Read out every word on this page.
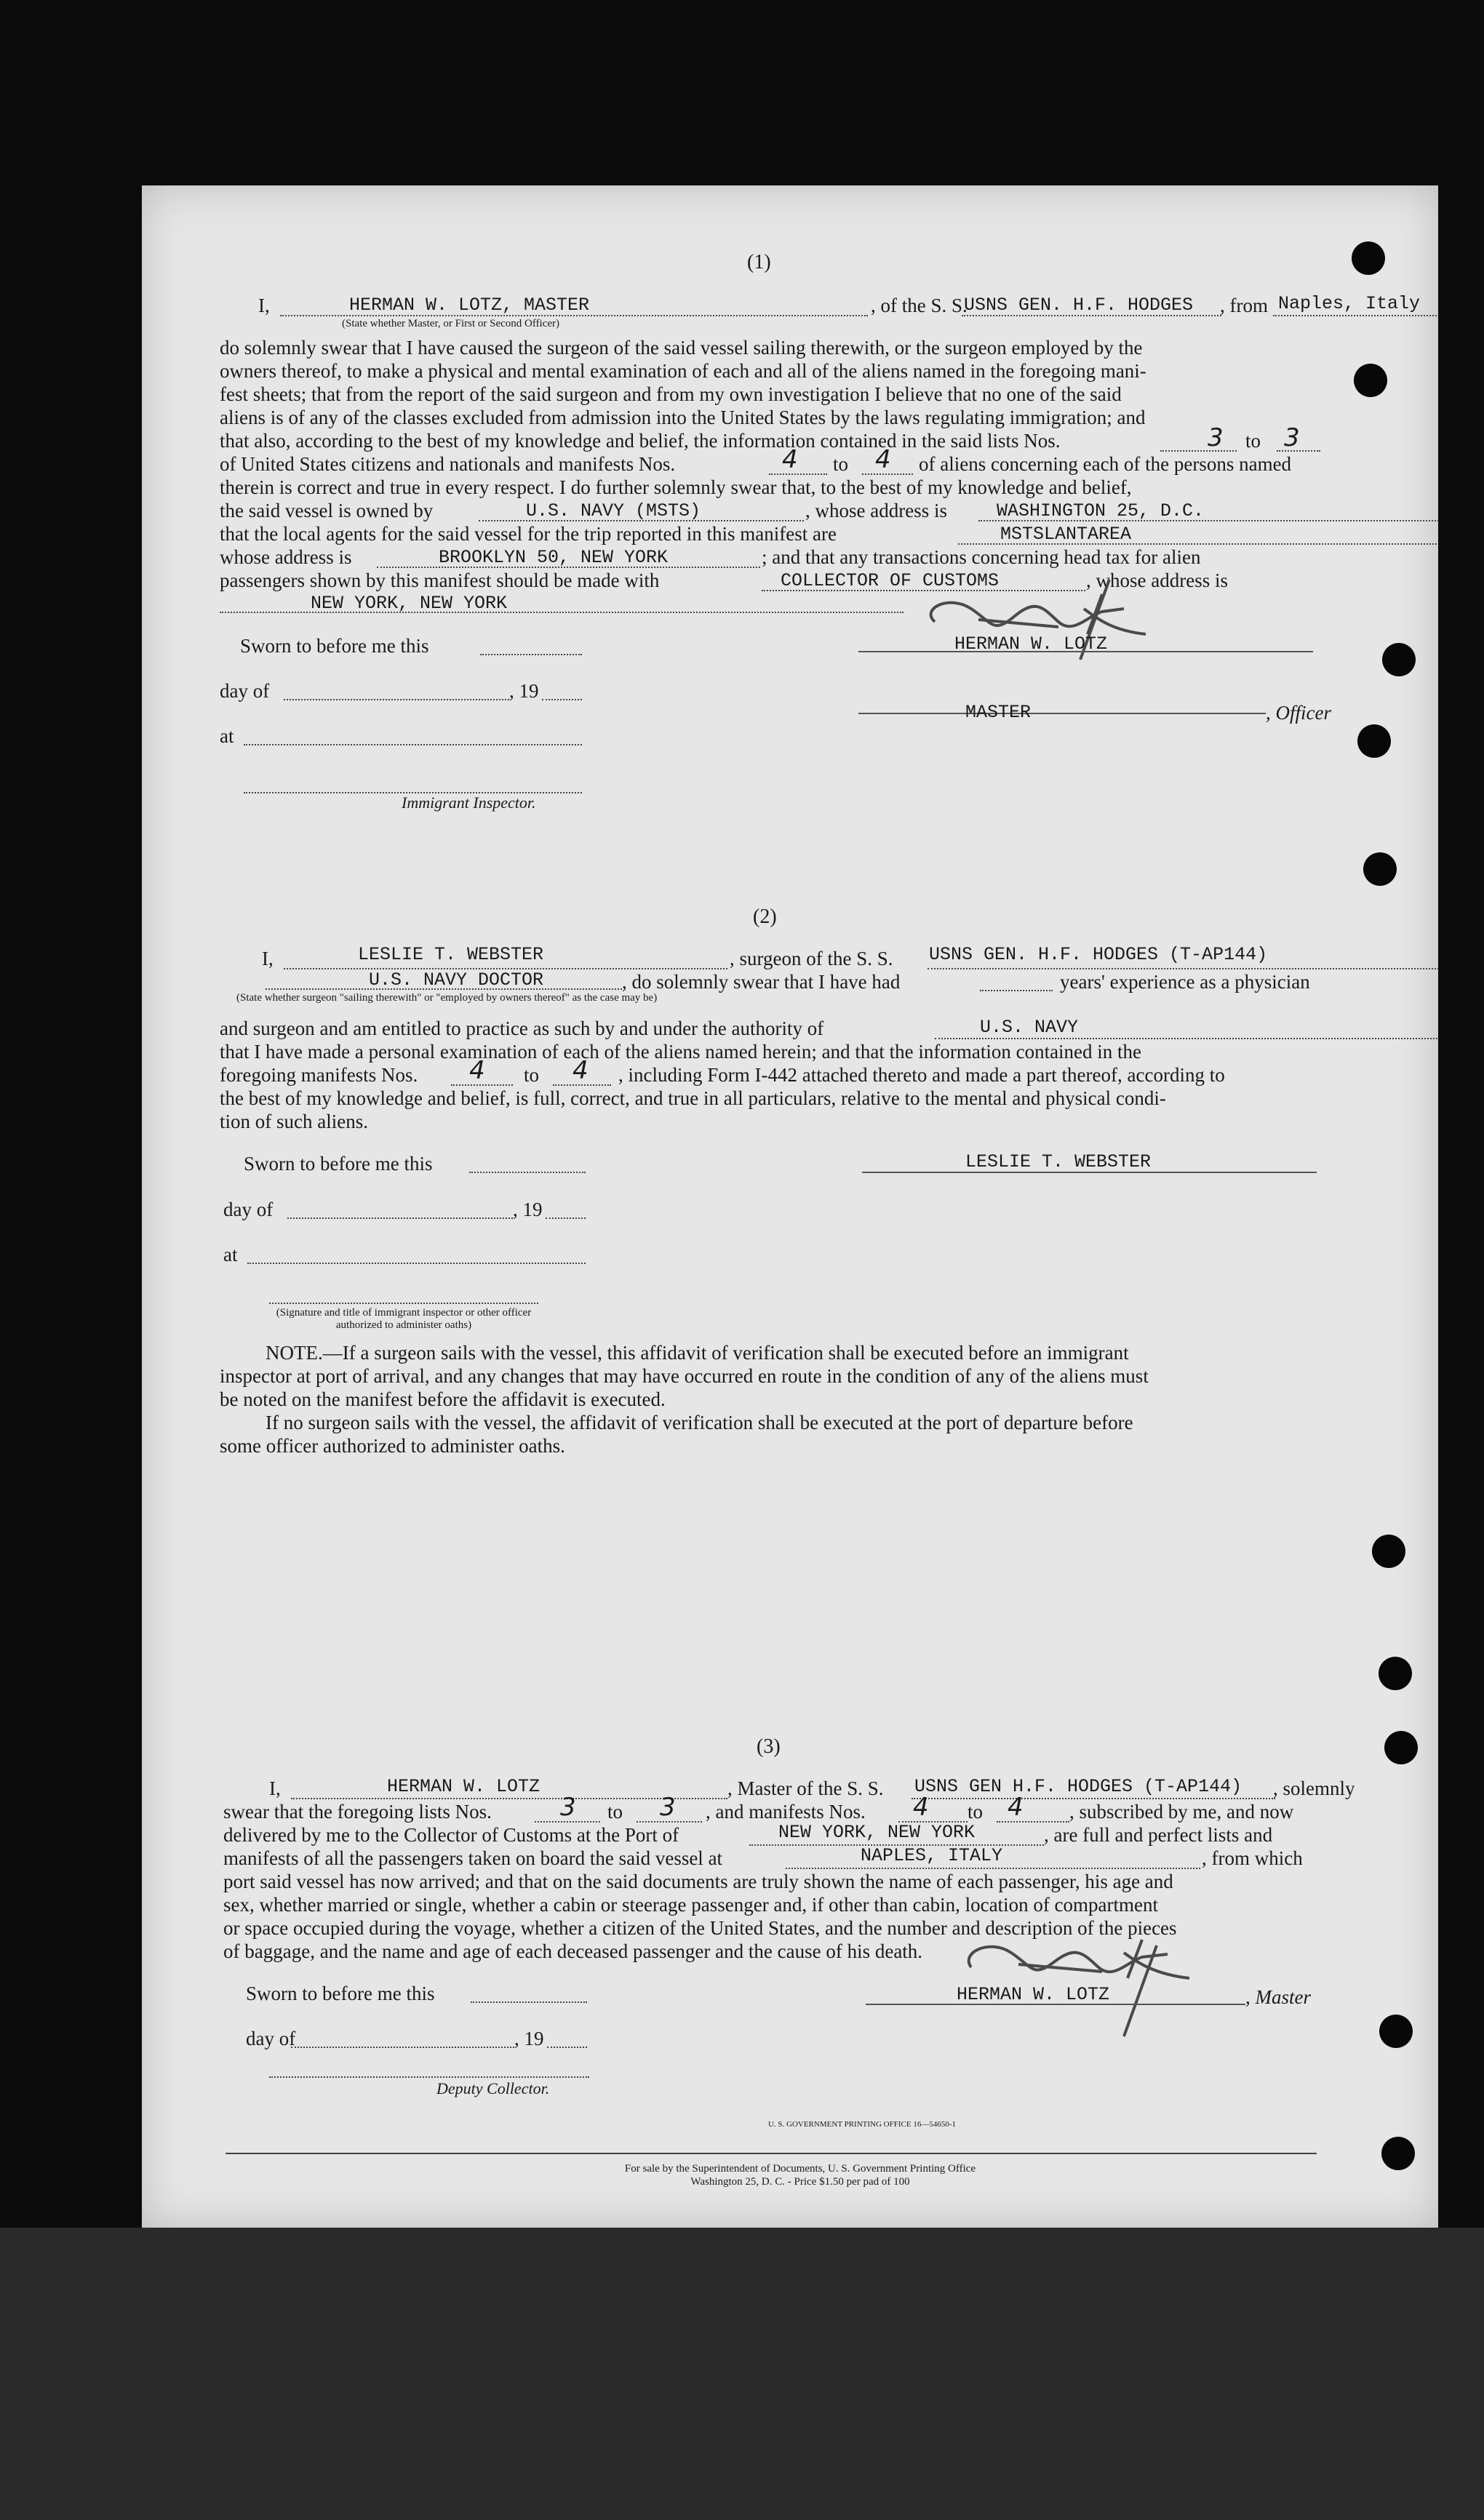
(1)
I,	HERMAN W. LOTZ, MASTER
(State whether Master, or First or Second Officer)
, of the S. S.
USNS GEN. H.F. HODGES , from Naples, Italy
do solemnly swear that I have caused the surgeon of the said vessel sailing therewith, or the surgeon employed by the
owners thereof, to make a physical and mental examination of each and all of the aliens named in the foregoing mani-
fest sheets; that from the report of the said surgeon and from my own investigation I believe that no one of the said
aliens is of any of the classes excluded from admission into the United States by the laws regulating immigration; and
that also, according to the best of my knowledge and belief, the information contained in the said lists Nos.	3 to 3
of United States citizens and nationals and manifests Nos.	4 to 4 of aliens concerning each of the persons named
therein is correct and true in every respect. I do further solemnly swear that, to the best of my knowledge and belief,
the said vessel is owned by	U.S. NAVY (MSTS)	, whose address is	WASHINGTON 25, D.C.
that the local agents for the said vessel for the trip reported in this manifest are	MSTSLANTAREA
whose address is	BROOKLYN 50, NEW YORK	; and that any transactions concerning head tax for alien
passengers shown by this manifest should be made with	COLLECTOR OF CUSTOMS	, whose address is
NEW YORK, NEW YORK
Sworn to before me this	HERMAN W. LOTZ
day of	, 19
MASTER	, Officer
at
Immigrant Inspector.
(2)
I,	LESLIE T. WEBSTER	, surgeon of the S. S. USNS GEN. H.F. HODGES (T-AP144)
U.S. NAVY DOCTOR	, do solemnly swear that I have had	years' experience as a physician
(State whether surgeon "sailing therewith" or "employed by owners thereof" as the case may be)
and surgeon and am entitled to practice as such by and under the authority of	U.S. NAVY
that I have made a personal examination of each of the aliens named herein; and that the information contained in the
foregoing manifests Nos. 4 to 4 , including Form I-442 attached thereto and made a part thereof, according to
the best of my knowledge and belief, is full, correct, and true in all particulars, relative to the mental and physical condi-
tion of such aliens.
Sworn to before me this	LESLIE T. WEBSTER
day of	, 19
at
(Signature and title of immigrant inspector or other officer authorized to administer oaths)
NOTE.—If a surgeon sails with the vessel, this affidavit of verification shall be executed before an immigrant
inspector at port of arrival, and any changes that may have occurred en route in the condition of any of the aliens must
be noted on the manifest before the affidavit is executed.
If no surgeon sails with the vessel, the affidavit of verification shall be executed at the port of departure before
some officer authorized to administer oaths.
(3)
I,	HERMAN W. LOTZ	, Master of the S. S. USNS GEN H.F. HODGES (T-AP144) , solemnly
swear that the foregoing lists Nos.	3 to 3 , and manifests Nos. 4 to 4 , subscribed by me, and now
delivered by me to the Collector of Customs at the Port of	NEW YORK, NEW YORK	, are full and perfect lists and
manifests of all the passengers taken on board the said vessel at	NAPLES, ITALY	, from which
port said vessel has now arrived; and that on the said documents are truly shown the name of each passenger, his age and
sex, whether married or single, whether a cabin or steerage passenger and, if other than cabin, location of compartment
or space occupied during the voyage, whether a citizen of the United States, and the number and description of the pieces
of baggage, and the name and age of each deceased passenger and the cause of his death.
Sworn to before me this	HERMAN W. LOTZ	, Master
day of	, 19
Deputy Collector.
U. S. GOVERNMENT PRINTING OFFICE 16—54650-1
For sale by the Superintendent of Documents, U. S. Government Printing Office
Washington 25, D. C. - Price $1.50 per pad of 100
